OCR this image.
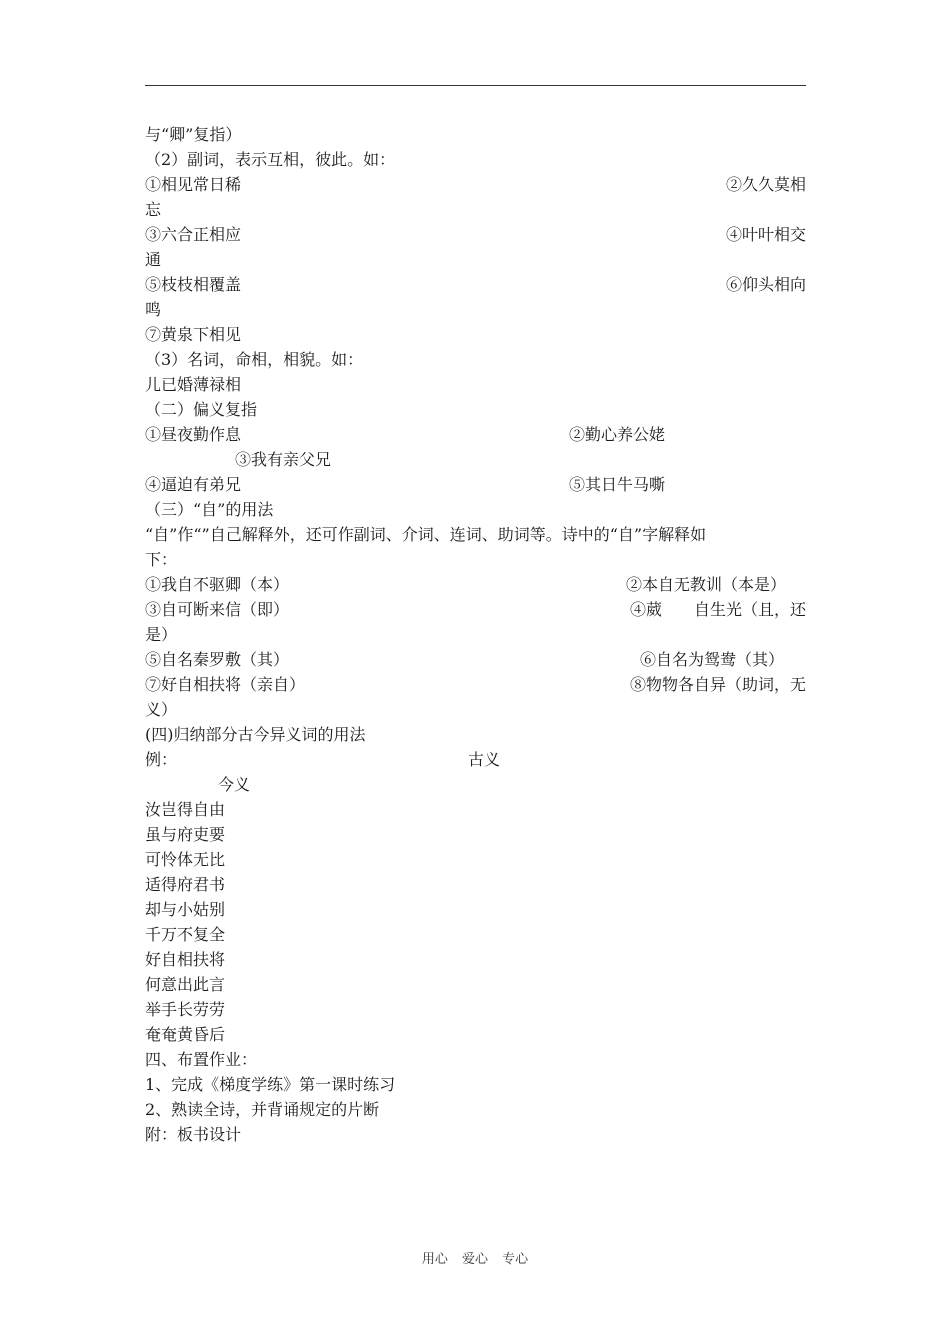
与“卿”复指）
（2）副词，表示互相，彼此。如：
①相见常日稀	②久久莫相
忘
③六合正相应	④叶叶相交
通
⑤枝枝相覆盖	⑥仰头相向
鸣
⑦黄泉下相见
（3）名词，命相，相貌。如：
儿已婚薄禄相
（二）偏义复指
①昼夜勤作息	②勤心养公姥
③我有亲父兄
④逼迫有弟兄	⑤其日牛马嘶
（三）“自”的用法
“自”作“”自己解释外，还可作副词、介词、连词、助词等。诗中的“自”字解释如
下：
①我自不驱卿（本）	②本自无教训（本是）
③自可断来信（即）	④葳　　自生光（且，还
是）
⑤自名秦罗敷（其）	⑥自名为鸳鸯（其）
⑦好自相扶将（亲自）	⑧物物各自异（助词，无
义）
(四)归纳部分古今异义词的用法
例：	古义
今义
汝岂得自由
虽与府吏要
可怜体无比
适得府君书
却与小姑别
千万不复全
好自相扶将
何意出此言
举手长劳劳
奄奄黄昏后
四、布置作业：
1、完成《梯度学练》第一课时练习
2、熟读全诗，并背诵规定的片断
附：板书设计
用心 爱心 专心
